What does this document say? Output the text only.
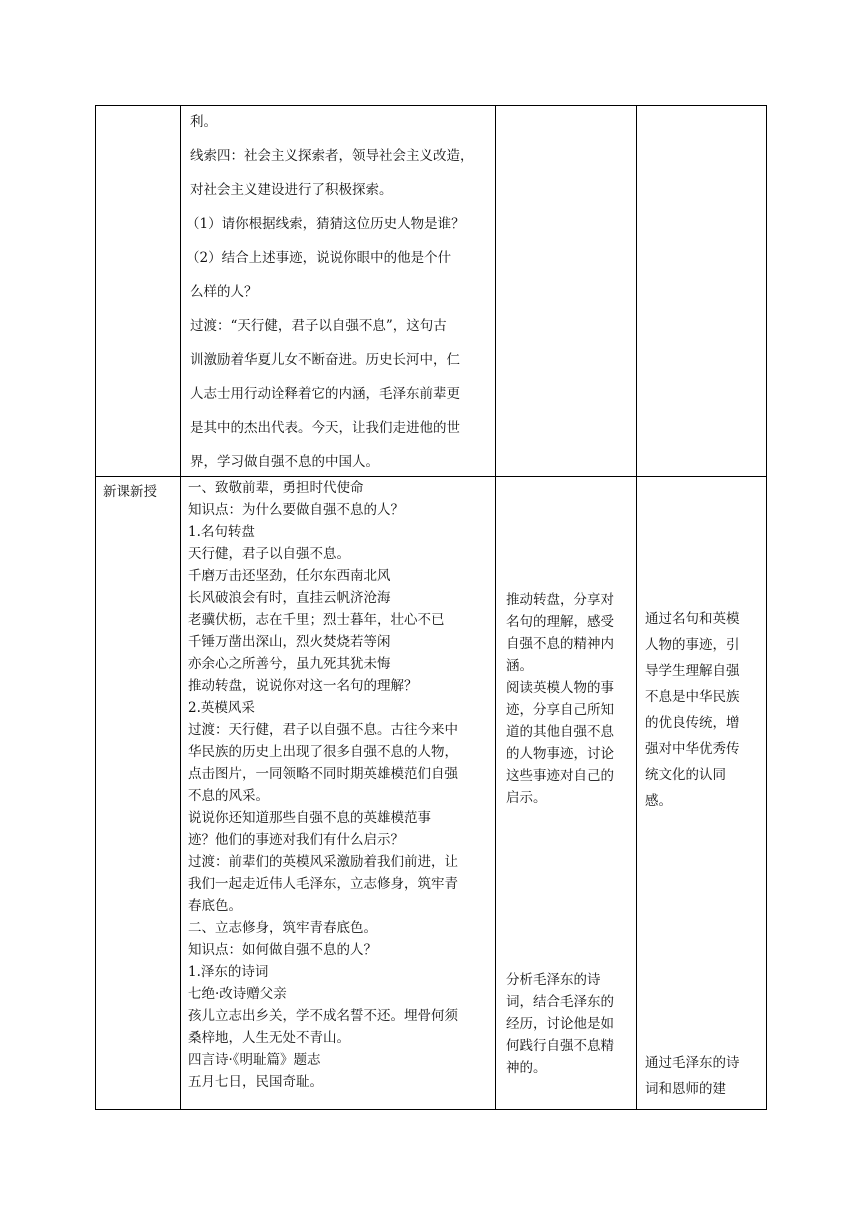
利。
线索四：社会主义探索者，领导社会主义改造，
对社会主义建设进行了积极探索。
（1）请你根据线索，猜猜这位历史人物是谁？
（2）结合上述事迹，说说你眼中的他是个什
么样的人？
过渡：“天行健，君子以自强不息”，这句古
训激励着华夏儿女不断奋进。历史长河中，仁
人志士用行动诠释着它的内涵，毛泽东前辈更
是其中的杰出代表。今天，让我们走进他的世
界，学习做自强不息的中国人。
新课新授 一、致敬前辈，勇担时代使命
知识点：为什么要做自强不息的人？
1.名句转盘
天行健，君子以自强不息。
千磨万击还坚劲，任尔东西南北风
长风破浪会有时，直挂云帆济沧海
老骥伏枥，志在千里；烈士暮年，壮心不已
千锤万凿出深山，烈火焚烧若等闲
亦余心之所善兮，虽九死其犹未悔
推动转盘，说说你对这一名句的理解？
2.英模风采
过渡：天行健，君子以自强不息。古往今来中
华民族的历史上出现了很多自强不息的人物，
点击图片，一同领略不同时期英雄模范们自强
不息的风采。
说说你还知道那些自强不息的英雄模范事
迹？他们的事迹对我们有什么启示？
过渡：前辈们的英模风采激励着我们前进，让
我们一起走近伟人毛泽东，立志修身，筑牢青
春底色。
二、立志修身，筑牢青春底色。
知识点：如何做自强不息的人？
1.泽东的诗词
七绝·改诗赠父亲
孩儿立志出乡关，学不成名誓不还。埋骨何须
桑梓地，人生无处不青山。
四言诗·《明耻篇》题志
五月七日，民国奇耻。
推动转盘，分享对
名句的理解，感受
自强不息的精神内
涵。
阅读英模人物的事
迹，分享自己所知
道的其他自强不息
的人物事迹，讨论
这些事迹对自己的
启示。
分析毛泽东的诗
词，结合毛泽东的
经历，讨论他是如
何践行自强不息精
神的。
通过名句和英模
人物的事迹，引
导学生理解自强
不息是中华民族
的优良传统，增
强对中华优秀传
统文化的认同
感。
通过毛泽东的诗
词和恩师的建
